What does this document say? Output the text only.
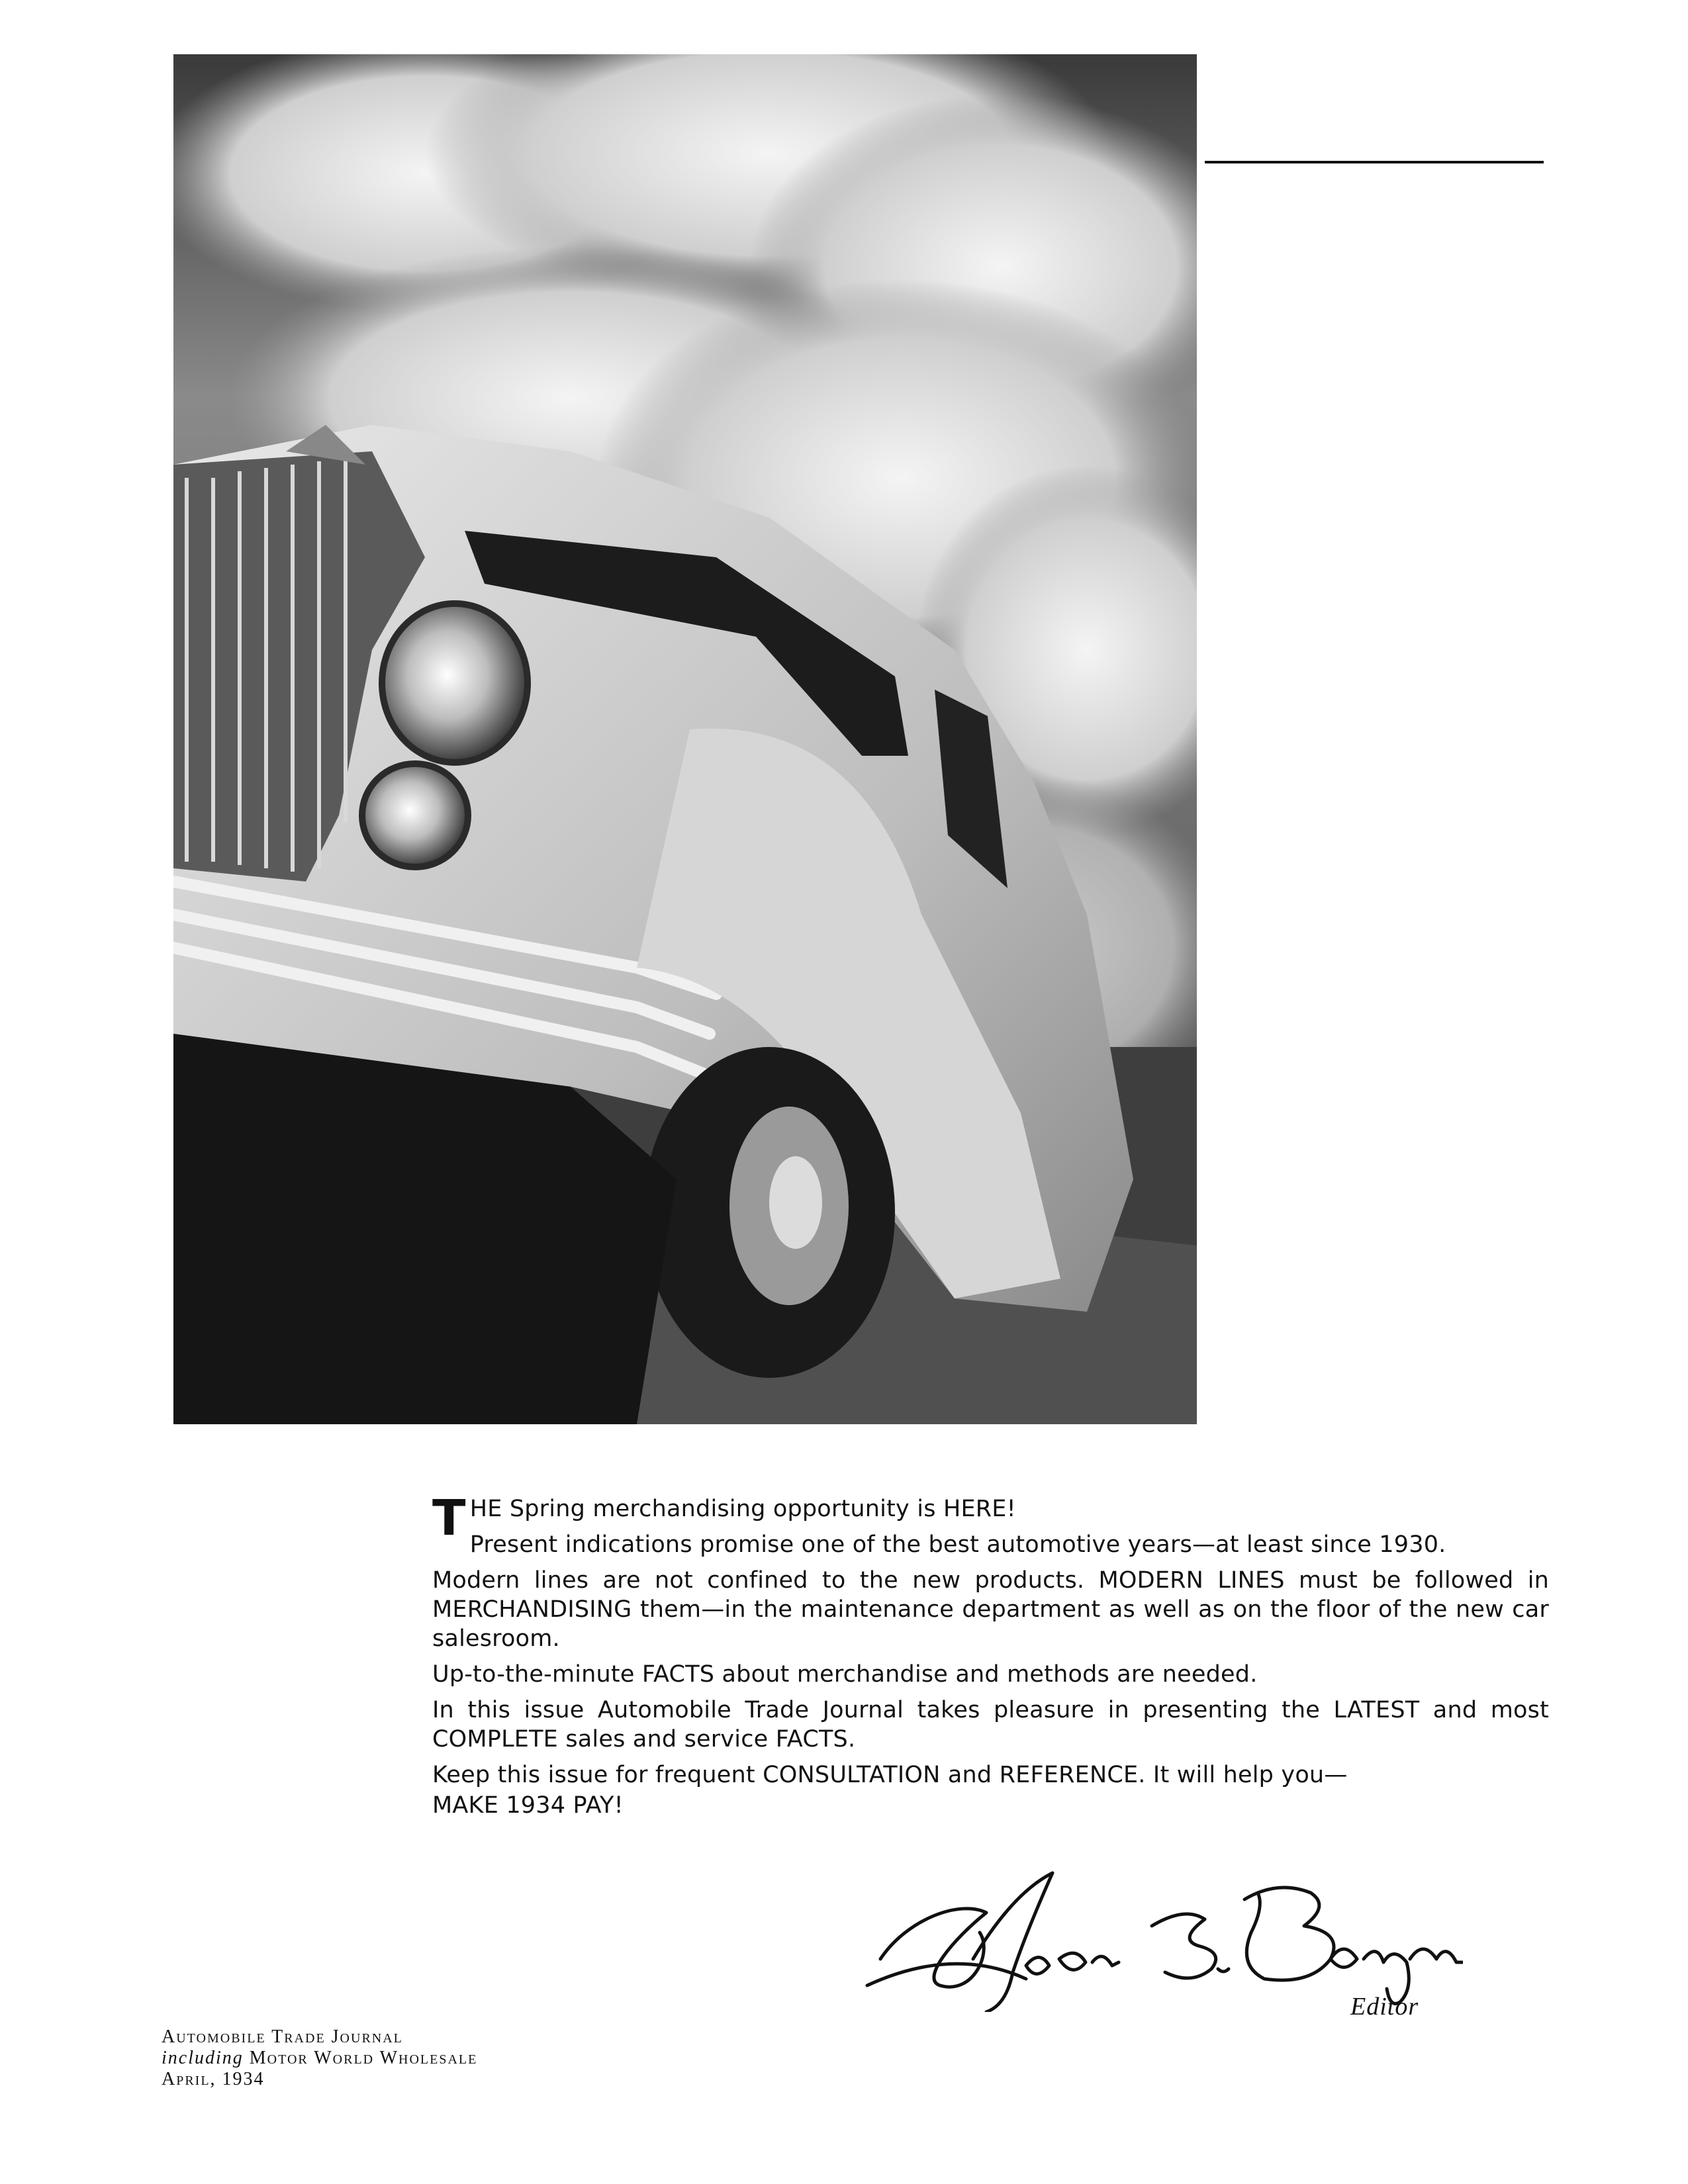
THE Spring merchandising opportunity is HERE!

Present indications promise one of the best automotive years—at least since 1930.

Modern lines are not confined to the new products. MODERN LINES must be followed in MERCHANDISING them—in the maintenance department as well as on the floor of the new car salesroom.

Up-to-the-minute FACTS about merchandise and methods are needed.

In this issue Automobile Trade Journal takes pleasure in presenting the LATEST and most COMPLETE sales and service FACTS.

Keep this issue for frequent CONSULTATION and REFERENCE. It will help you—

MAKE 1934 PAY!

Editor
Automobile Trade Journal
including Motor World Wholesale
April, 1934
